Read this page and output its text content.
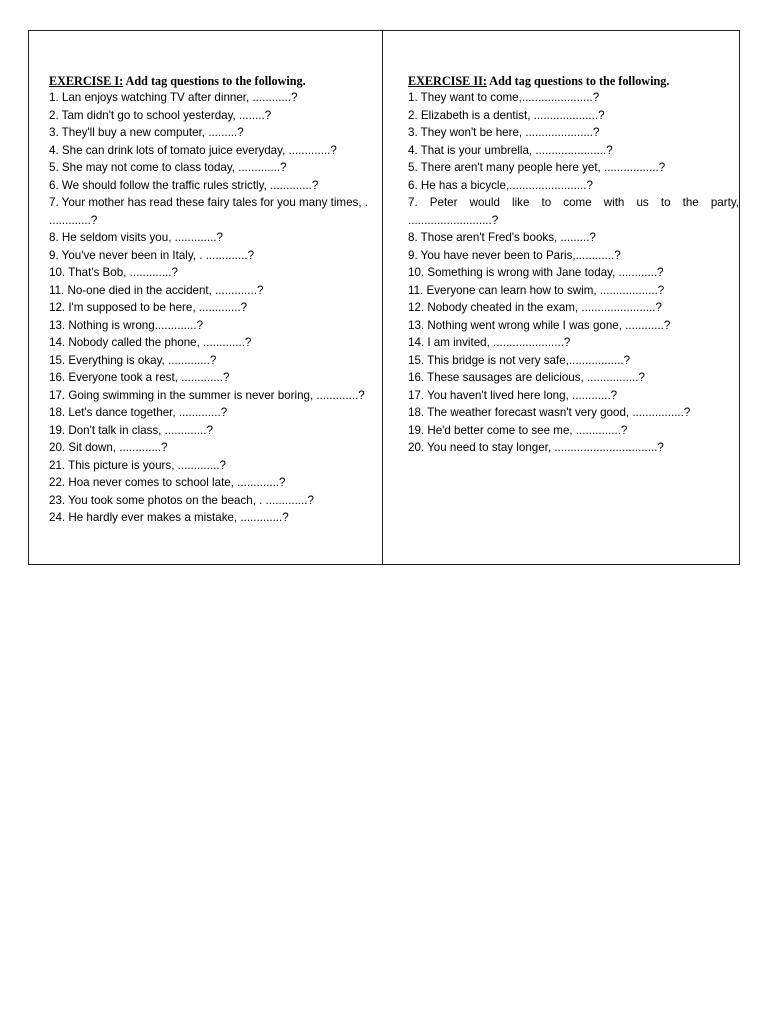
EXERCISE I: Add tag questions to the following.

1. Lan enjoys watching TV after dinner, ............?
2. Tam didn't go to school yesterday, ........?
3. They'll buy a new computer, .........?
4. She can drink lots of tomato juice everyday, .............?
5. She may not come to class today, .............?
6. We should follow the traffic rules strictly, .............?
7. Your mother has read these fairy tales for you many times, . .............?
8. He seldom visits you, .............?
9. You've never been in Italy, . .............?
10. That's Bob, .............?
11. No-one died in the accident, .............?
12. I'm supposed to be here, .............?
13. Nothing is wrong.............?
14. Nobody called the phone, .............?
15. Everything is okay, .............?
16. Everyone took a rest, .............?
17. Going swimming in the summer is never boring, .............?
18. Let's dance together, .............?
19. Don't talk in class, .............?
20. Sit down, .............?
21. This picture is yours, .............?
22. Hoa never comes to school late, .............?
23. You took some photos on the beach, . .............?
24. He hardly ever makes a mistake, .............?

EXERCISE II: Add tag questions to the following.

1. They want to come,......................?
2. Elizabeth is a dentist, ....................?
3. They won't be here, .....................?
4. That is your umbrella, ......................?
5. There aren't many people here yet, .................?
6. He has a bicycle,........................?
7. Peter would like to come with us to the party,
..........................?
8. Those aren't Fred's books, .........?
9. You have never been to Paris,............?
10. Something is wrong with Jane today, ............?
11. Everyone can learn how to swim, ..................?
12. Nobody cheated in the exam, .......................?
13. Nothing went wrong while I was gone, ............?
14. I am invited, ......................?
15. This bridge is not very safe,.................?
16. These sausages are delicious, ................?
17. You haven't lived here long, ............?
18. The weather forecast wasn't very good, ................?
19. He'd better come to see me, ..............?
20. You need to stay longer, ................................?
